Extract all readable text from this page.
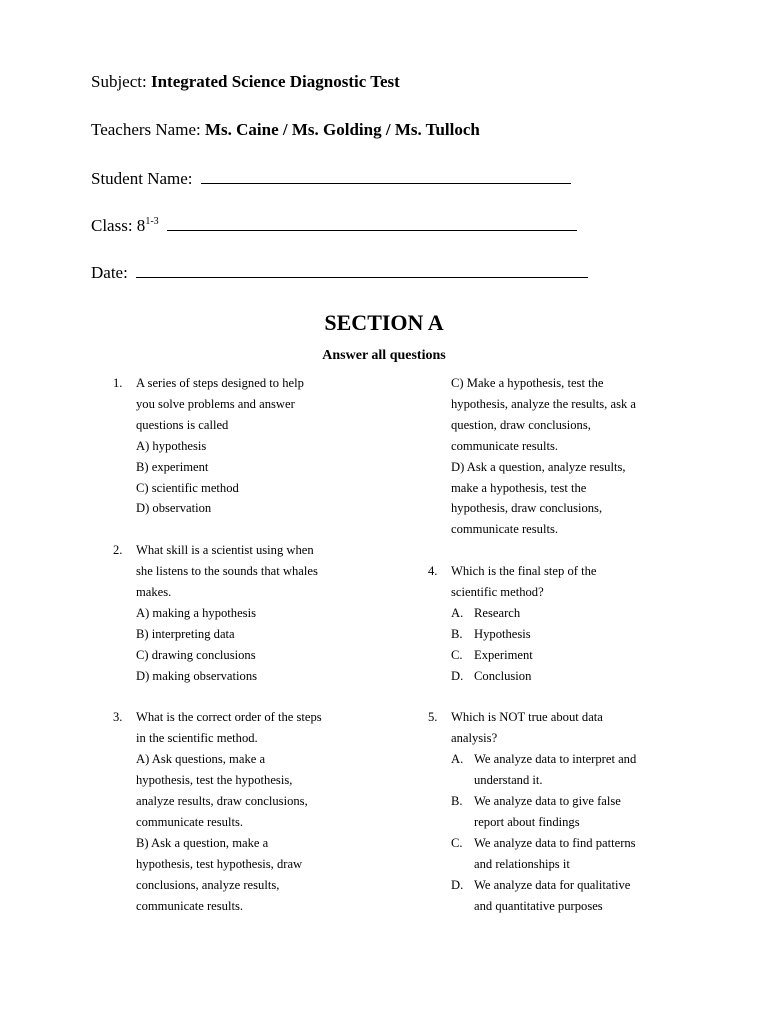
Subject: Integrated Science Diagnostic Test
Teachers Name: Ms. Caine / Ms. Golding / Ms. Tulloch
Student Name:
Class: 8$^{1-3}$
Date:
SECTION A
Answer all questions
1. A series of steps designed to help
you solve problems and answer
questions is called
A) hypothesis
B) experiment
C) scientific method
D) observation
2. What skill is a scientist using when
she listens to the sounds that whales
makes.
A) making a hypothesis
B) interpreting data
C) drawing conclusions
D) making observations
3. What is the correct order of the steps
in the scientific method.
A) Ask questions, make a
hypothesis, test the hypothesis,
analyze results, draw conclusions,
communicate results.
B) Ask a question, make a
hypothesis, test hypothesis, draw
conclusions, analyze results,
communicate results.
C) Make a hypothesis, test the
hypothesis, analyze the results, ask a
question, draw conclusions,
communicate results.
D) Ask a question, analyze results,
make a hypothesis, test the
hypothesis, draw conclusions,
communicate results.
4. Which is the final step of the
scientific method?
A. Research
B. Hypothesis
C. Experiment
D. Conclusion
5. Which is NOT true about data
analysis?
A. We analyze data to interpret and
understand it.
B. We analyze data to give false
report about findings
C. We analyze data to find patterns
and relationships it
D. We analyze data for qualitative
and quantitative purposes
